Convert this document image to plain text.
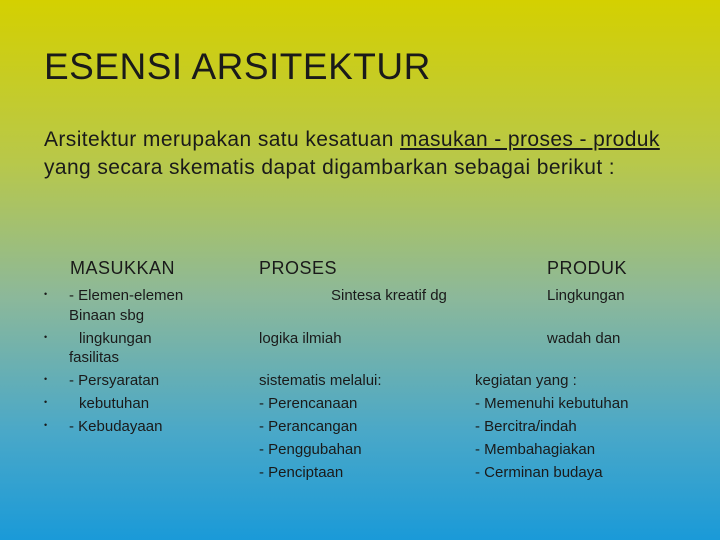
ESENSI ARSITEKTUR
Arsitektur merupakan satu kesatuan masukan - proses - produk yang secara skematis dapat digambarkan sebagai berikut :
MASUKKAN	PROSES	PRODUK
•
•
•
•
•
- Elemen-elemen
Binaan sbg
lingkungan
fasilitas
- Persyaratan
kebutuhan
- Kebudayaan
Sintesa kreatif dg
logika ilmiah
sistematis melalui:
- Perencanaan
- Perancangan
- Penggubahan
- Penciptaan
Lingkungan
wadah dan
kegiatan yang :
- Memenuhi kebutuhan
- Bercitra/indah
- Membahagiakan
- Cerminan budaya
